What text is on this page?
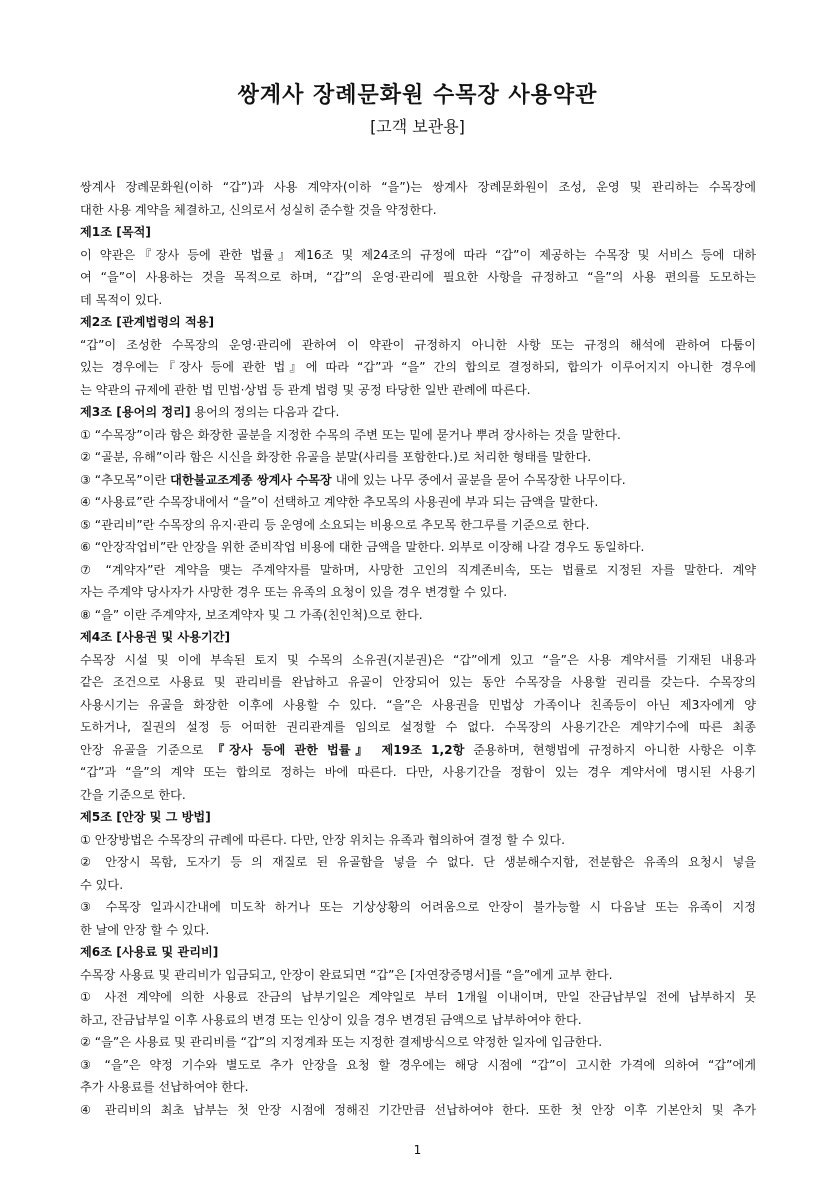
쌍계사 장례문화원 수목장 사용약관
[고객 보관용]

쌍계사 장례문화원(이하 “갑”)과 사용 계약자(이하 “을”)는 쌍계사 장례문화원이 조성, 운영 및 관리하는 수목장에
대한 사용 계약을 체결하고, 신의로서 성실히 준수할 것을 약정한다.

제1조 [목적]
이 약관은『장사 등에 관한 법률』제16조 및 제24조의 규정에 따라 “갑”이 제공하는 수목장 및 서비스 등에 대하
여 “을”이 사용하는 것을 목적으로 하며, “갑”의 운영·관리에 필요한 사항을 규정하고 “을”의 사용 편의를 도모하는
데 목적이 있다.

제2조 [관계법령의 적용]
“갑”이 조성한 수목장의 운영·관리에 관하여 이 약관이 규정하지 아니한 사항 또는 규정의 해석에 관하여 다툼이
있는 경우에는『장사 등에 관한 법』에 따라 “갑”과 “을” 간의 합의로 결정하되, 합의가 이루어지지 아니한 경우에
는 약관의 규제에 관한 법 민법·상법 등 관계 법령 및 공정 타당한 일반 관례에 따른다.

제3조 [용어의 정리] 용어의 정의는 다음과 같다.
① “수목장”이라 함은 화장한 골분을 지정한 수목의 주변 또는 밑에 묻거나 뿌려 장사하는 것을 말한다.
② “골분, 유해”이라 함은 시신을 화장한 유골을 분말(사리를 포함한다.)로 처리한 형태를 말한다.
③ “추모목”이란 대한불교조계종 쌍계사 수목장 내에 있는 나무 중에서 골분을 묻어 수목장한 나무이다.
④ “사용료”란 수목장내에서 “을”이 선택하고 계약한 추모목의 사용권에 부과 되는 금액을 말한다.
⑤ “관리비”란 수목장의 유지·관리 등 운영에 소요되는 비용으로 추모목 한그루를 기준으로 한다.
⑥ “안장작업비”란 안장을 위한 준비작업 비용에 대한 금액을 말한다. 외부로 이장해 나갈 경우도 동일하다.
⑦ “계약자”란 계약을 맺는 주계약자를 말하며, 사망한 고인의 직계존비속, 또는 법률로 지정된 자를 말한다. 계약
자는 주계약 당사자가 사망한 경우 또는 유족의 요청이 있을 경우 변경할 수 있다.
⑧ “을” 이란 주계약자, 보조계약자 및 그 가족(친인척)으로 한다.

제4조 [사용권 및 사용기간]
수목장 시설 및 이에 부속된 토지 및 수목의 소유권(지분권)은 “갑”에게 있고 “을”은 사용 계약서를 기재된 내용과
같은 조건으로 사용료 및 관리비를 완납하고 유골이 안장되어 있는 동안 수목장을 사용할 권리를 갖는다. 수목장의
사용시기는 유골을 화장한 이후에 사용할 수 있다. “을”은 사용권을 민법상 가족이나 친족등이 아닌 제3자에게 양
도하거나, 질권의 설정 등 어떠한 권리관계를 임의로 설정할 수 없다. 수목장의 사용기간은 계약기수에 따른 최종
안장 유골을 기준으로 『장사 등에 관한 법률』 제19조 1,2항 준용하며, 현행법에 규정하지 아니한 사항은 이후
“갑”과 “을”의 계약 또는 합의로 정하는 바에 따른다. 다만, 사용기간을 정함이 있는 경우 계약서에 명시된 사용기
간을 기준으로 한다.

제5조 [안장 및 그 방법]
① 안장방법은 수목장의 규례에 따른다. 다만, 안장 위치는 유족과 협의하여 결정 할 수 있다.
② 안장시 목함, 도자기 등 의 재질로 된 유골함을 넣을 수 없다. 단 생분해수지함, 전분함은 유족의 요청시 넣을
수 있다.
③ 수목장 일과시간내에 미도착 하거나 또는 기상상황의 어려움으로 안장이 불가능할 시 다음날 또는 유족이 지정
한 날에 안장 할 수 있다.

제6조 [사용료 및 관리비]
수목장 사용료 및 관리비가 입금되고, 안장이 완료되면 “갑”은 [자연장증명서]를 “을”에게 교부 한다.
① 사전 계약에 의한 사용료 잔금의 납부기일은 계약일로 부터 1개월 이내이며, 만일 잔금납부일 전에 납부하지 못
하고, 잔금납부일 이후 사용료의 변경 또는 인상이 있을 경우 변경된 금액으로 납부하여야 한다.
② “을”은 사용료 및 관리비를 “갑”의 지정계좌 또는 지정한 결제방식으로 약정한 일자에 입금한다.
③ “을”은 약정 기수와 별도로 추가 안장을 요청 할 경우에는 해당 시점에 “갑”이 고시한 가격에 의하여 “갑”에게
추가 사용료를 선납하여야 한다.
④ 관리비의 최초 납부는 첫 안장 시점에 정해진 기간만큼 선납하여야 한다. 또한 첫 안장 이후 기본안치 및 추가

1
